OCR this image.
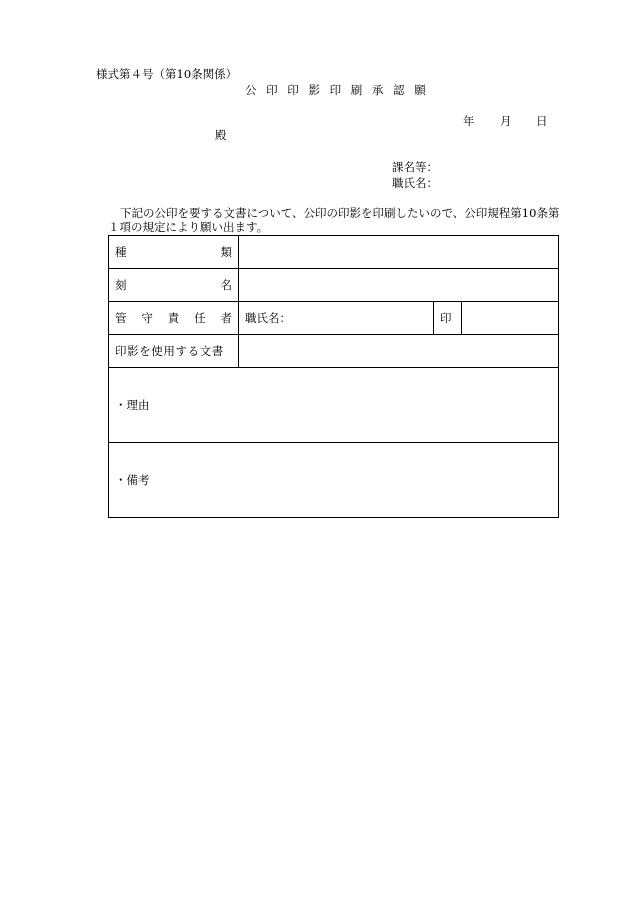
様式第４号（第10条関係）
公 印 印 影 印 刷 承 認 願
年 月 日
殿
課名等：
職氏名：
下記の公印を要する文書について、公印の印影を印刷したいので、公印規程第10条第
１項の規定により願い出ます。
種 類			

刻 名			

管 守 責 任 者	職氏名：	印	
印影を使用する文書			
・理由			
・備考			
